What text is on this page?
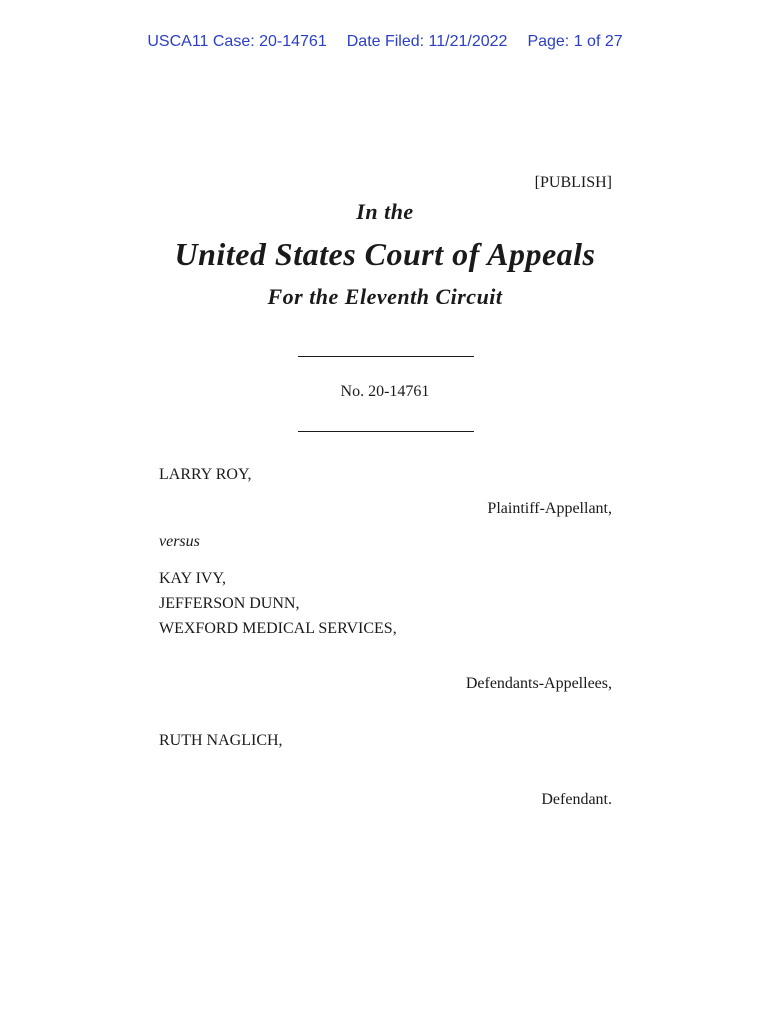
USCA11 Case: 20-14761 Date Filed: 11/21/2022 Page: 1 of 27
[PUBLISH]
In the
United States Court of Appeals
For the Eleventh Circuit
No. 20-14761
LARRY ROY,
Plaintiff-Appellant,
versus
KAY IVY,
JEFFERSON DUNN,
WEXFORD MEDICAL SERVICES,
Defendants-Appellees,
RUTH NAGLICH,
Defendant.
